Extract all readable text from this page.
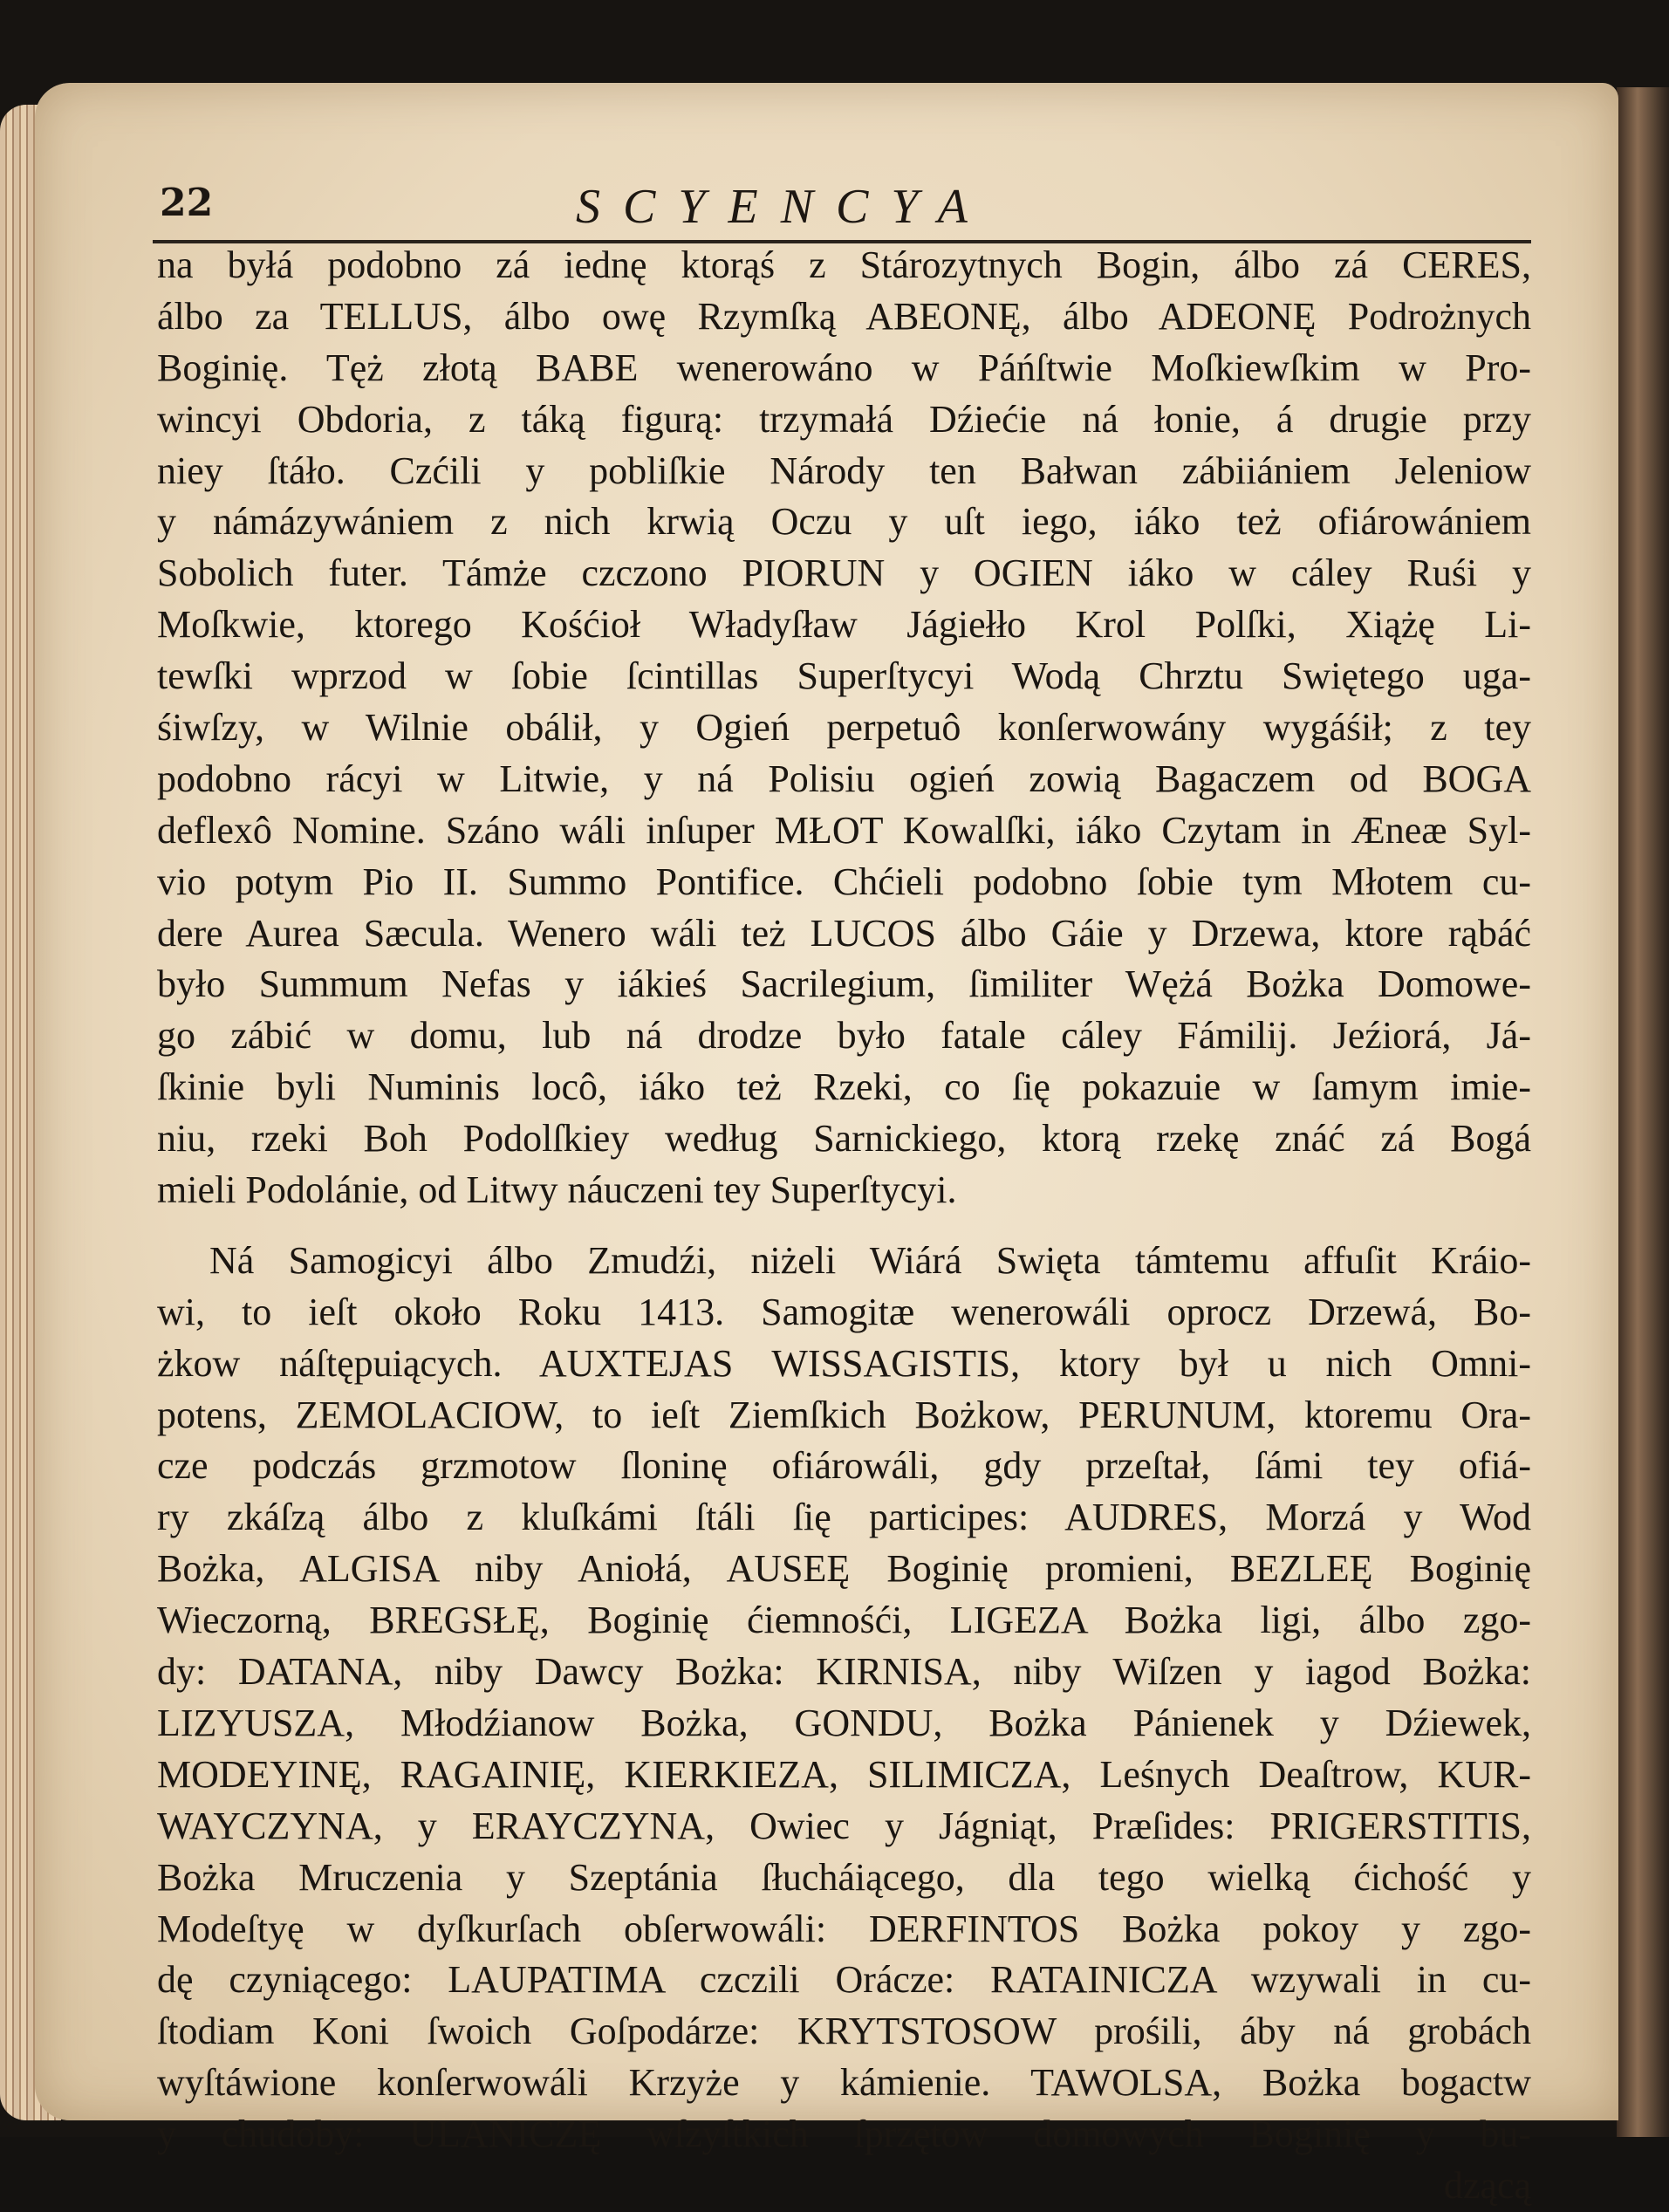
22	SCYENCYA
na byłá podobno zá iednę ktorąś z Stározytnych Bogin, álbo zá CERES,
álbo za TELLUS, álbo owę Rzymſką ABEONĘ, álbo ADEONĘ Podrożnych
Boginię. Tęż złotą BABE wenerowáno w Páńſtwie Moſkiewſkim w Pro-
wincyi Obdoria, z táką figurą: trzymałá Dźiećie ná łonie, á drugie przy
niey ſtáło. Czćili y pobliſkie Národy ten Bałwan zábiiániem Jeleniow
y námázywániem z nich krwią Oczu y uſt iego, iáko też ofiárowániem
Sobolich futer. Támże czczono PIORUN y OGIEN iáko w cáley Ruśi y
Moſkwie, ktorego Kośćioł Władyſław Jágiełło Krol Polſki, Xiążę Li-
tewſki wprzod w ſobie ſcintillas Superſtycyi Wodą Chrztu Swiętego uga-
śiwſzy, w Wilnie obálił, y Ogień perpetuô konſerwowány wygáśił; z tey
podobno rácyi w Litwie, y ná Polisiu ogień zowią Bagaczem od BOGA
deflexô Nomine. Száno wáli inſuper MŁOT Kowalſki, iáko Czytam in Æneæ Syl-
vio potym Pio II. Summo Pontifice. Chćieli podobno ſobie tym Młotem cu-
dere Aurea Sæcula. Wenero wáli też LUCOS álbo Gáie y Drzewa, ktore rąbáć
było Summum Nefas y iákieś Sacrilegium, ſimiliter Wężá Bożka Domowe-
go zábić w domu, lub ná drodze było fatale cáley Fámilij. Jeźiorá, Já-
ſkinie byli Numinis locô, iáko też Rzeki, co ſię pokazuie w ſamym imie-
niu, rzeki Boh Podolſkiey według Sarnickiego, ktorą rzekę znáć zá Bogá
mieli Podolánie, od Litwy náuczeni tey Superſtycyi.
Ná Samogicyi álbo Zmudźi, niżeli Wiárá Swięta támtemu affuſit Kráio-
wi, to ieſt około Roku 1413. Samogitæ wenerowáli oprocz Drzewá, Bo-
żkow náſtępuiących. AUXTEJAS WISSAGISTIS, ktory był u nich Omni-
potens, ZEMOLACIOW, to ieſt Ziemſkich Bożkow, PERUNUM, ktoremu Ora-
cze podczás grzmotow ſloninę ofiárowáli, gdy przeſtał, ſámi tey ofiá-
ry zkáſzą álbo z kluſkámi ſtáli ſię participes: AUDRES, Morzá y Wod
Bożka, ALGISA niby Aniołá, AUSEĘ Boginię promieni, BEZLEĘ Boginię
Wieczorną, BREGSŁĘ, Boginię ćiemnośći, LIGEZA Bożka ligi, álbo zgo-
dy: DATANA, niby Dawcy Bożka: KIRNISA, niby Wiſzen y iagod Bożka:
LIZYUSZA, Młodźianow Bożka, GONDU, Bożka Pánienek y Dźiewek,
MODEYINĘ, RAGAINIĘ, KIERKIEZA, SILIMICZA, Leśnych Deaſtrow, KUR-
WAYCZYNA, y ERAYCZYNA, Owiec y Jágniąt, Præſides: PRIGERSTITIS,
Bożka Mruczenia y Szeptánia ſłucháiącego, dla tego wielką ćichość y
Modeſtyę w dyſkurſach obſerwowáli: DERFINTOS Bożka pokoy y zgo-
dę czyniącego: LAUPATIMA czczili Orácze: RATAINICZA wzywali in cu-
ſtodiam Koni ſwoich Goſpodárze: KRYTSTOSOW prośili, áby ná grobách
wyſtáwione konſerwowáli Krzyże y kámienie. TAWOLSA, Bożka bogactw
y chudoby: ULANICZĘ wſzyſtkich ſprzętow domowych Boginię y bu-
dzącą
